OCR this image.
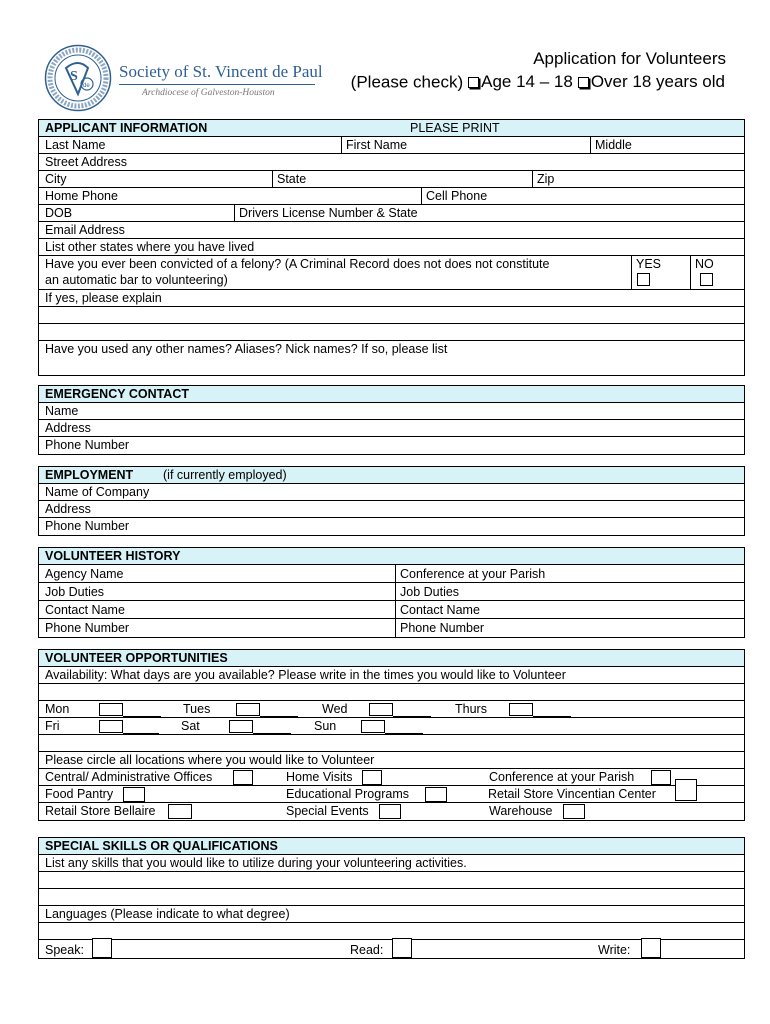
S
de
Society of St. Vincent de Paul
Archdiocese of Galveston-Houston
Application for Volunteers
(Please check) Age 14 – 18 Over 18 years old
APPLICANT INFORMATION	PLEASE PRINT
Last Name	First Name	Middle
Street Address
City	State	Zip
Home Phone	Cell Phone
DOB	Drivers License Number & State
Email Address
List other states where you have lived
Have you ever been convicted of a felony? (A Criminal Record does not does not constitute
an automatic bar to volunteering)
YES	NO
If yes, please explain
Have you used any other names? Aliases? Nick names? If so, please list
EMERGENCY CONTACT
Name
Address
Phone Number
EMPLOYMENT (if currently employed)
Name of Company
Address
Phone Number
VOLUNTEER HISTORY
Agency Name	Conference at your Parish
Job Duties	Job Duties
Contact Name	Contact Name
Phone Number	Phone Number
VOLUNTEER OPPORTUNITIES
Availability: What days are you available? Please write in the times you would like to Volunteer
Mon	Tues	Wed	Thurs
Fri	Sat	Sun
Please circle all locations where you would like to Volunteer
Central/ Administrative Offices	Home Visits	Conference at your Parish
Food Pantry	Educational Programs	Retail Store Vincentian Center
Retail Store Bellaire	Special Events	Warehouse
SPECIAL SKILLS OR QUALIFICATIONS
List any skills that you would like to utilize during your volunteering activities.
Languages (Please indicate to what degree)
Speak:	Read:	Write:
